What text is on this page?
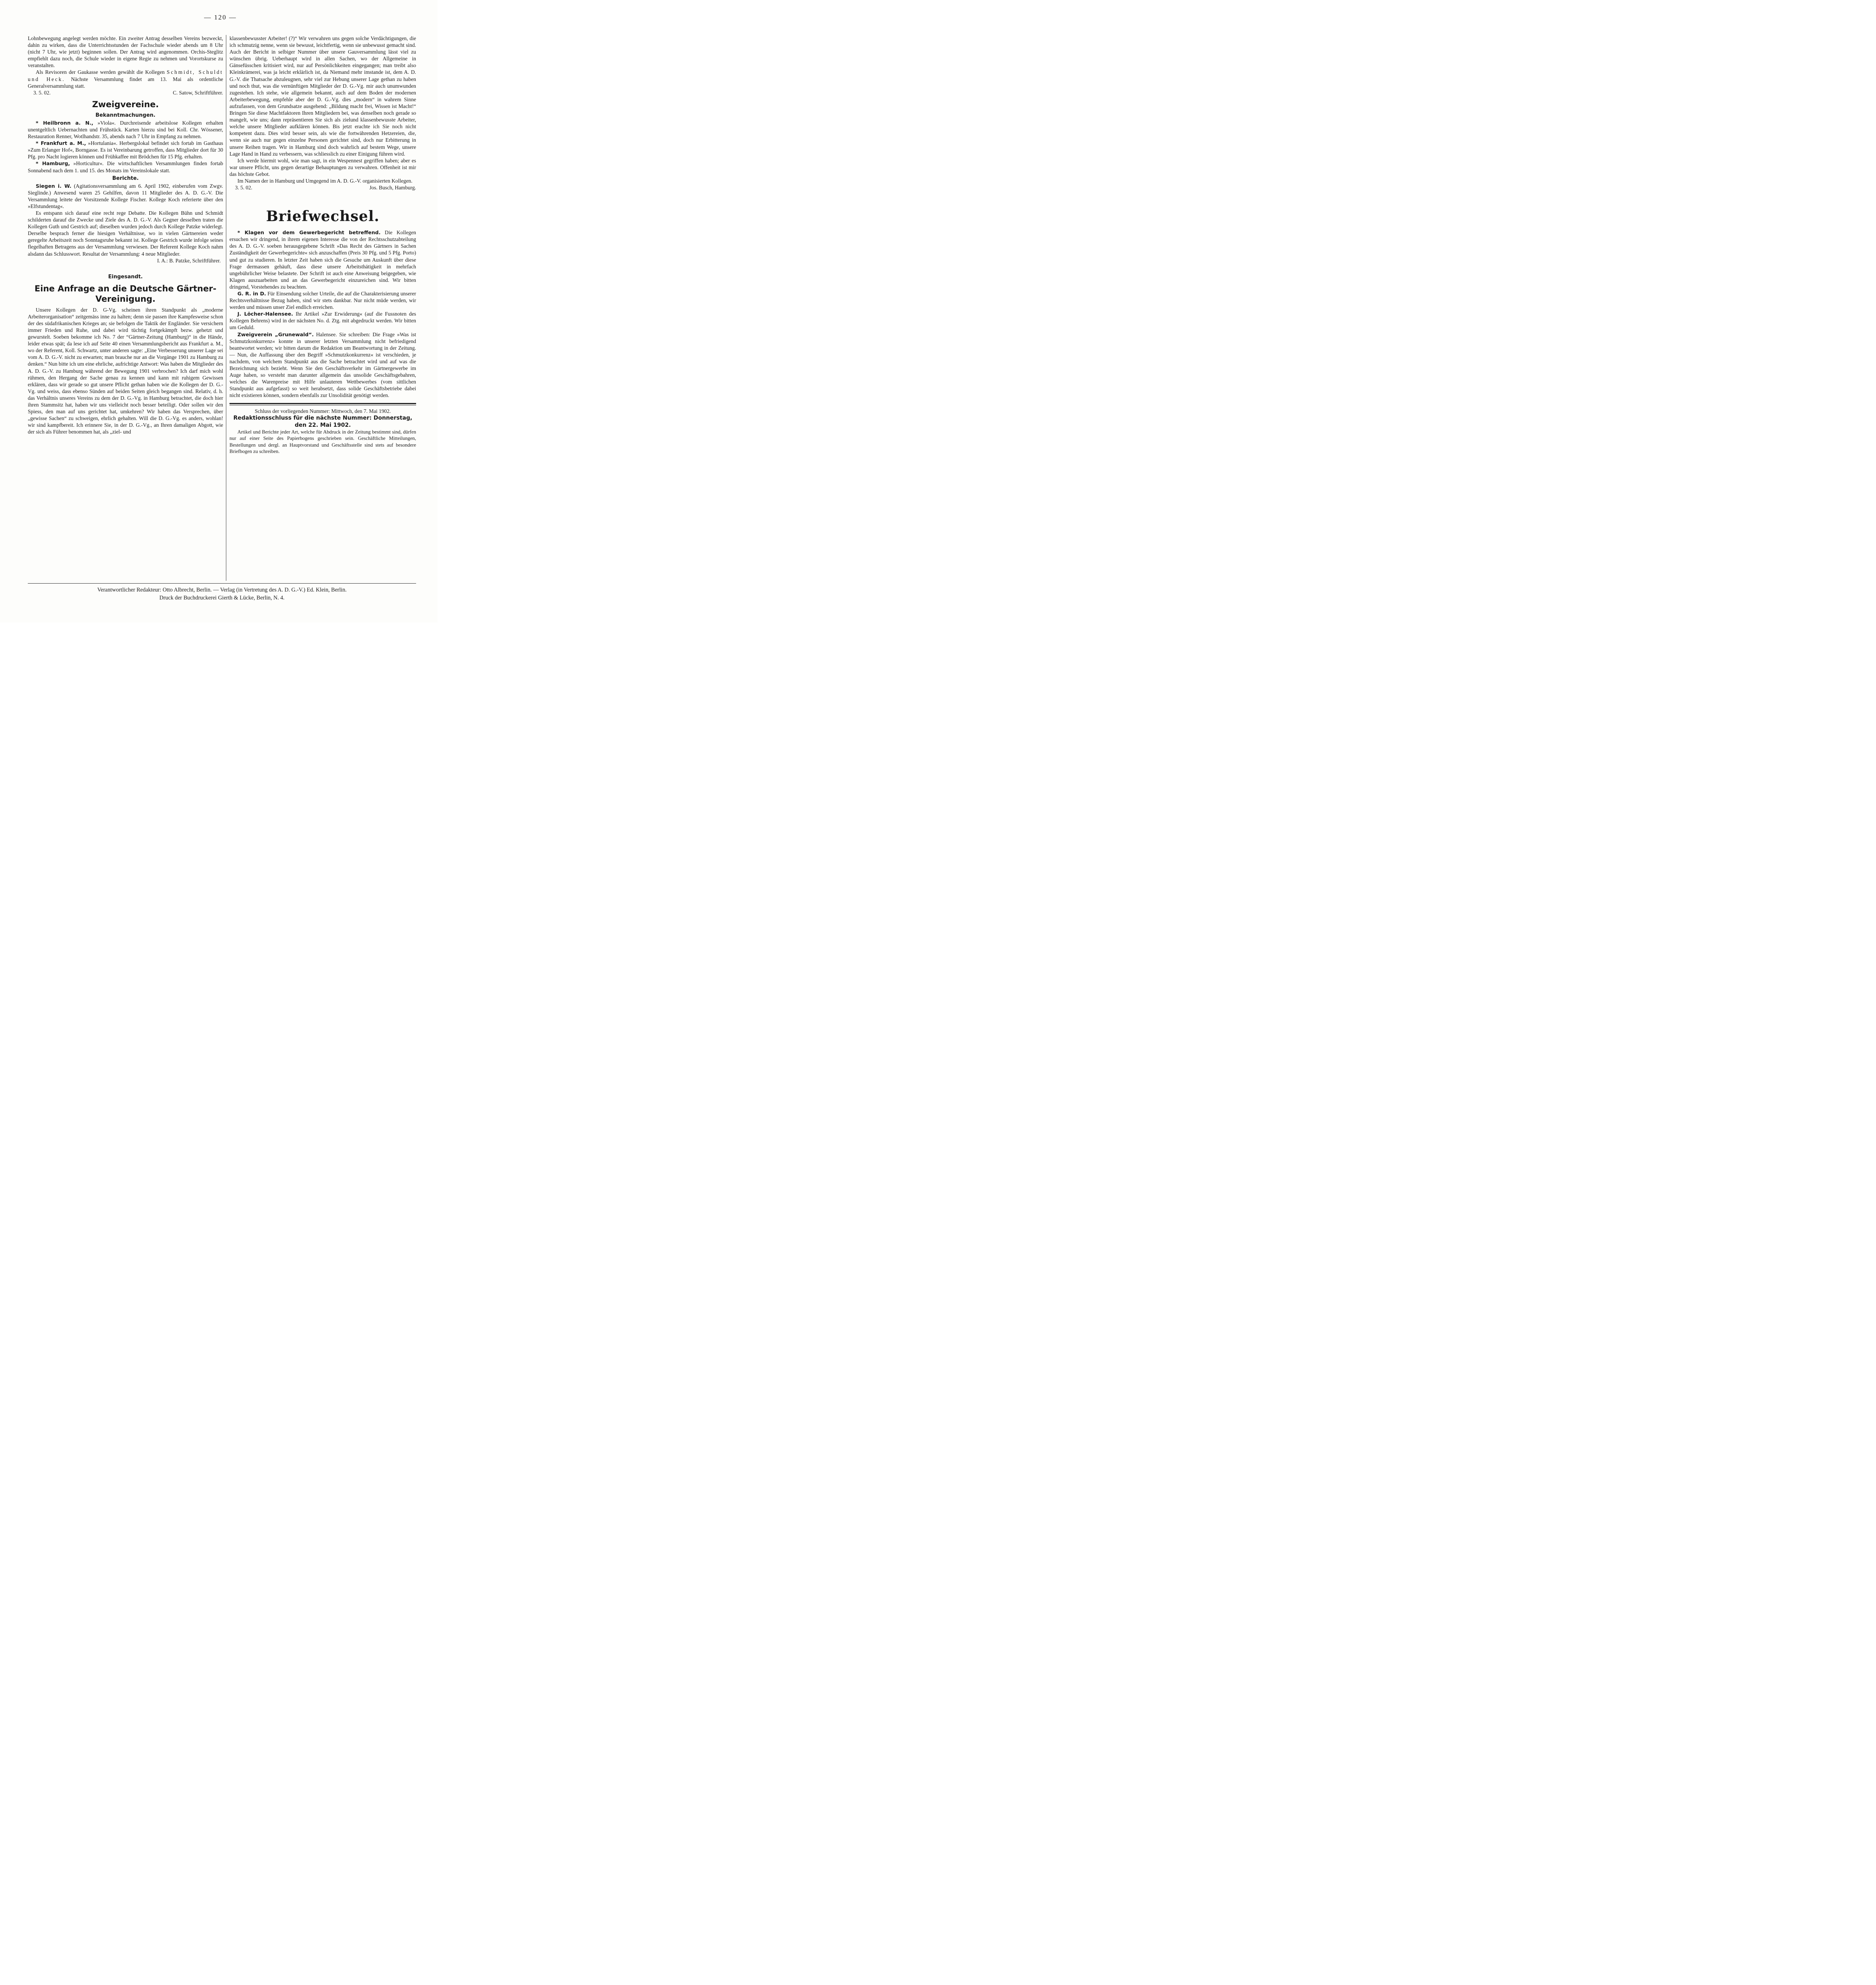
— 120 —

Lohnbewegung angelegt werden möchte. Ein zweiter Antrag desselben Vereins bezweckt, dahin zu wirken, dass die Unterrichtsstunden der Fachschule wieder abends um 8 Uhr (nicht 7 Uhr, wie jetzt) beginnen sollen. Der Antrag wird angenommen. Orchis-Steglitz empfiehlt dazu noch, die Schule wieder in eigene Regie zu nehmen und Vorortskurse zu veranstalten.

Als Revisoren der Gaukasse werden gewählt die Kollegen Schmidt, Schuldt und Heck. Nächste Versammlung findet am 13. Mai als ordentliche Generalversammlung statt.

3. 5. 02.	C. Satow, Schriftführer.

Zweigvereine.
Bekanntmachungen.

* Heilbronn a. N., »Viola«. Durchreisende arbeitslose Kollegen erhalten unentgeltlich Uebernachten und Frühstück. Karten hierzu sind bei Koll. Chr. Wössener, Restauration Renner, Wotlhandstr. 35, abends nach 7 Uhr in Empfang zu nehmen.

* Frankfurt a. M., »Hortulania«. Herbergslokal befindet sich fortab im Gasthaus »Zum Erlanger Hof«, Borngasse. Es ist Vereinbarung getroffen, dass Mitglieder dort für 30 Pfg. pro Nacht logieren können und Frühkaffee mit Brödchen für 15 Pfg. erhalten.

* Hamburg, »Horticultur«. Die wirtschaftlichen Versammlungen finden fortab Sonnabend nach dem 1. und 15. des Monats im Vereinslokale statt.

Berichte.

Siegen i. W. (Agitationsversammlung am 6. April 1902, einberufen vom Zwgv. Sieglinde.) Anwesend waren 25 Gehilfen, davon 11 Mitglieder des A. D. G.-V. Die Versammlung leitete der Vorsitzende Kollege Fischer. Kollege Koch referierte über den »Elfstundentag«.

Es entspann sich darauf eine recht rege Debatte. Die Kollegen Bühn und Schmidt schilderten darauf die Zwecke und Ziele des A. D. G.-V. Als Gegner desselben traten die Kollegen Guth und Gestrich auf; dieselben wurden jedoch durch Kollege Patzke widerlegt. Derselbe besprach ferner die hiesigen Verhältnisse, wo in vielen Gärtnereien weder geregelte Arbeitszeit noch Sonntagsruhe bekannt ist. Kollege Gestrich wurde infolge seines flegelhaften Betragens aus der Versammlung verwiesen. Der Referent Kollege Koch nahm alsdann das Schlusswort. Resultat der Versammlung: 4 neue Mitglieder.

I. A.: B. Patzke, Schriftführer.

Eingesandt.
Eine Anfrage an die Deutsche Gärtner-Vereinigung.

Unsere Kollegen der D. G-Vg. scheinen ihren Standpunkt als „moderne Arbeiterorganisation“ zeitgemäss inne zu halten; denn sie passen ihre Kampfesweise schon der des südafrikanischen Krieges an; sie befolgen die Taktik der Engländer. Sie versichern immer Frieden und Ruhe, und dabei wird tüchtig fortgekämpft bezw. gehetzt und gewurstelt. Soeben bekomme ich No. 7 der “Gärtner-Zeitung (Hamburg)“ in die Hände, leider etwas spät; da lese ich auf Seite 40 einen Versammlungsbericht aus Frankfurt a. M., wo der Referent, Koll. Schwartz, unter anderen sagte: „Eine Verbesserung unserer Lage sei vom A. D. G.-V. nicht zu erwarten; man brauche nur an die Vorgänge 1901 zu Hamburg zu denken.“ Nun bitte ich um eine ehrliche, aufrichtige Antwort: Was haben die Mitglieder des A. D. G.-V. zu Hamburg während der Bewegung 1901 verbrochen? Ich darf mich wohl rühmen, den Hergang der Sache genau zu kennen und kann mit ruhigem Gewissen erklären, dass wir gerade so gut unsere Pflicht gethan haben wie die Kollegen der D. G.-Vg. und weiss, dass ebenso Sünden auf beiden Seiten gleich begangen sind. Relativ, d. h. das Verhältnis unseres Vereins zu dem der D. G.-Vg. in Hamburg betrachtet, die doch hier ihren Stammsitz hat, haben wir uns vielleicht noch besser beteiligt. Oder sollen wir den Spiess, den man auf uns gerichtet hat, umkehren? Wir haben das Versprechen, über „gewisse Sachen“ zu schweigen, ehrlich gehalten. Will die D. G.-Vg. es anders, wohlan! wir sind kampfbereit. Ich erinnere Sie, in der D. G.-Vg., an Ihren damaligen Abgott, wie der sich als Führer benommen hat, als „ziel- und

klassenbewusster Arbeiter! (?)“ Wir verwahren uns gegen solche Verdächtigungen, die ich schmutzig nenne, wenn sie bewusst, leichtfertig, wenn sie unbewusst gemacht sind. Auch der Bericht in selbiger Nummer über unsere Gauversammlung lässt viel zu wünschen übrig. Ueberhaupt wird in allen Sachen, wo der Allgemeine in Gänsefüsschen kritisiert wird, nur auf Persönlichkeiten eingegangen; man treibt also Kleinkrämerei, was ja leicht erklärlich ist, da Niemand mehr imstande ist, dem A. D. G.-V. die Thatsache abzuleugnen, sehr viel zur Hebung unserer Lage gethan zu haben und noch thut, was die vernünftigen Mitglieder der D. G.-Vg. mir auch unumwunden zugestehen. Ich stehe, wie allgemein bekannt, auch auf dem Boden der modernen Arbeiterbewegung, empfehle aber der D. G.-Vg. dies „modern“ in wahrem Sinne aufzufassen, von dem Grundsatze ausgehend: „Bildung macht frei, Wissen ist Macht!“ Bringen Sie diese Machtfaktoren Ihren Mitgliedern bei, was denselben noch gerade so mangelt, wie uns; dann repräsentieren Sie sich als zielund klassenbewusste Arbeiter, welche unsere Mitglieder aufklären können. Bis jetzt erachte ich Sie noch nicht kompetent dazu. Dies wird besser sein, als wie die fortwährenden Hetzereien, die, wenn sie auch nur gegen einzelne Personen gerichtet sind, doch nur Erbitterung in unsere Reihen tragen. Wir in Hamburg sind doch wahrlich auf bestem Wege, unsere Lage Hand in Hand zu verbessern, was schliesslich zu einer Einigung führen wird.

Ich werde hiermit wohl, wie man sagt, in ein Wespennest gegriffen haben; aber es war unsere Pflicht, uns gegen derartige Behauptungen zu verwahren. Offenheit ist mir das höchste Gebot.

Im Namen der in Hamburg und Umgegend im A. D. G.-V. organisierten Kollegen.

3. 5. 02.	Jos. Busch, Hamburg.

Briefwechsel.

* Klagen vor dem Gewerbegericht betreffend. Die Kollegen ersuchen wir dringend, in ihrem eigenen Interesse die von der Rechtsschutzabteilung des A. D. G.-V. soeben herausgegebene Schrift »Das Recht des Gärtners in Sachen Zuständigkeit der Gewerbegerichte« sich anzuschaffen (Preis 30 Pfg. und 5 Pfg. Porto) und gut zu studieren. In letzter Zeit haben sich die Gesuche um Auskunft über diese Frage dermassen gehäuft, dass diese unsere Arbeitsthätigkeit in mehrfach ungebührlicher Weise belastete. Der Schrift ist auch eine Anweisung beigegeben, wie Klagen auszuarbeiten und an das Gewerbegericht einzureichen sind. Wir bitten dringend, Vorstehendes zu beachten.

G. R. in D. Für Einsendung solcher Urteile, die auf die Charakterisierung unserer Rechtsverhältnisse Bezug haben, sind wir stets dankbar. Nur nicht müde werden, wir werden und müssen unser Ziel endlich erreichen.

J. Löcher-Halensee. Ihr Artikel »Zur Erwiderung« (auf die Fussnoten des Kollegen Behrens) wird in der nächsten No. d. Ztg. mit abgedruckt werden. Wir bitten um Geduld.

Zweigverein „Grunewald“. Halensee. Sie schreiben: Die Frage »Was ist Schmutzkonkurrenz« konnte in unserer letzten Versammlung nicht befriedigend beantwortet werden; wir bitten darum die Redaktion um Beantwortung in der Zeitung. — Nun, die Auffassung über den Begriff »Schmutzkonkurrenz« ist verschieden, je nachdem, von welchem Standpunkt aus die Sache betrachtet wird und auf was die Bezeichnung sich bezieht. Wenn Sie den Geschäftsverkehr im Gärtnergewerbe im Auge haben, so versteht man darunter allgemein das unsolide Geschäftsgebahren, welches die Warenpreise mit Hilfe unlauteren Wettbewerbes (vom sittlichen Standpunkt aus aufgefasst) so weit herabsetzt, dass solide Geschäftsbetriebe dabei nicht existieren können, sondern ebenfalls zur Unsolidität genötigt werden.

Schluss der vorliegenden Nummer: Mittwoch, den 7. Mai 1902.

Redaktionsschluss für die nächste Nummer: Donnerstag, den 22. Mai 1902.

Artikel und Berichte jeder Art, welche für Abdruck in der Zeitung bestimmt sind, dürfen nur auf einer Seite des Papierbogens geschrieben sein. Geschäftliche Mitteilungen, Bestellungen und dergl. an Hauptvorstand und Geschäftsstelle sind stets auf besondere Briefbogen zu schreiben.

Verantwortlicher Redakteur: Otto Albrecht, Berlin. — Verlag (in Vertretung des A. D. G.-V.) Ed. Klein, Berlin.
Druck der Buchdruckerei Gierth & Lücke, Berlin, N. 4.
